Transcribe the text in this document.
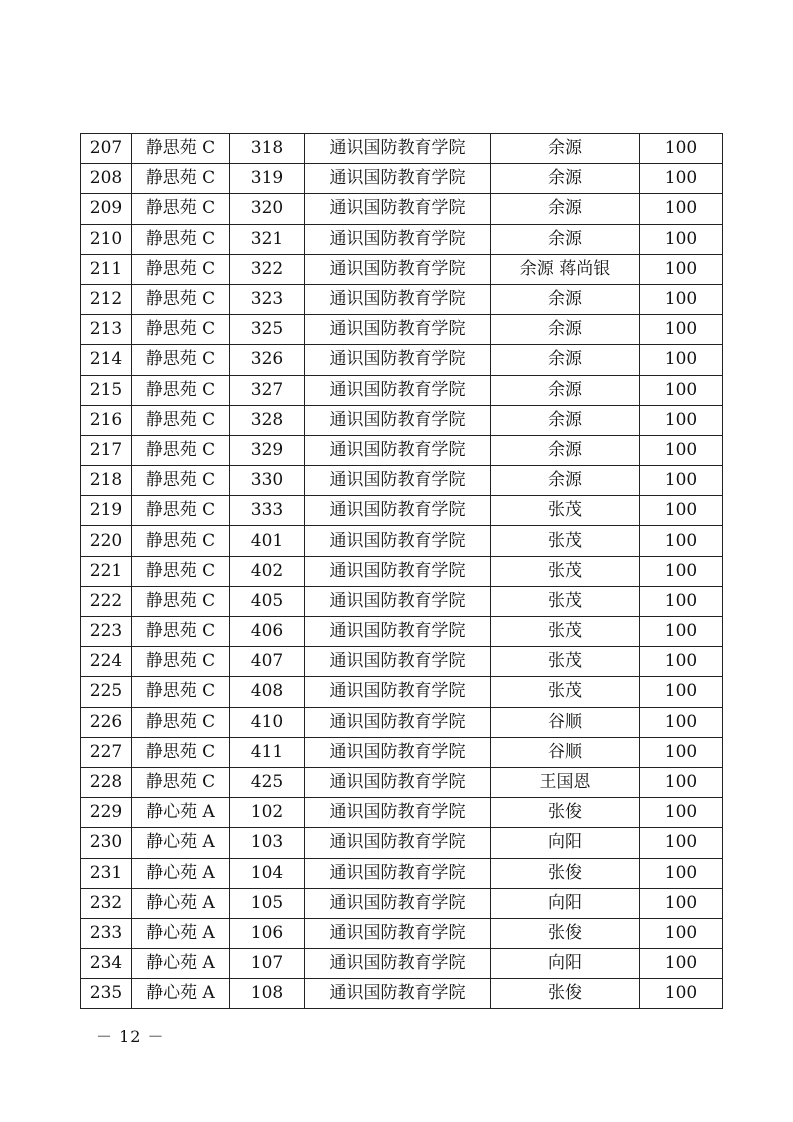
207	静思苑 C	318	通识国防教育学院	余源	100
208	静思苑 C	319	通识国防教育学院	余源	100
209	静思苑 C	320	通识国防教育学院	余源	100
210	静思苑 C	321	通识国防教育学院	余源	100
211	静思苑 C	322	通识国防教育学院	余源 蒋尚银	100
212	静思苑 C	323	通识国防教育学院	余源	100
213	静思苑 C	325	通识国防教育学院	余源	100
214	静思苑 C	326	通识国防教育学院	余源	100
215	静思苑 C	327	通识国防教育学院	余源	100
216	静思苑 C	328	通识国防教育学院	余源	100
217	静思苑 C	329	通识国防教育学院	余源	100
218	静思苑 C	330	通识国防教育学院	余源	100
219	静思苑 C	333	通识国防教育学院	张茂	100
220	静思苑 C	401	通识国防教育学院	张茂	100
221	静思苑 C	402	通识国防教育学院	张茂	100
222	静思苑 C	405	通识国防教育学院	张茂	100
223	静思苑 C	406	通识国防教育学院	张茂	100
224	静思苑 C	407	通识国防教育学院	张茂	100
225	静思苑 C	408	通识国防教育学院	张茂	100
226	静思苑 C	410	通识国防教育学院	谷顺	100
227	静思苑 C	411	通识国防教育学院	谷顺	100
228	静思苑 C	425	通识国防教育学院	王国恩	100
229	静心苑 A	102	通识国防教育学院	张俊	100
230	静心苑 A	103	通识国防教育学院	向阳	100
231	静心苑 A	104	通识国防教育学院	张俊	100
232	静心苑 A	105	通识国防教育学院	向阳	100
233	静心苑 A	106	通识国防教育学院	张俊	100
234	静心苑 A	107	通识国防教育学院	向阳	100
235	静心苑 A	108	通识国防教育学院	张俊	100
－ 12 －
